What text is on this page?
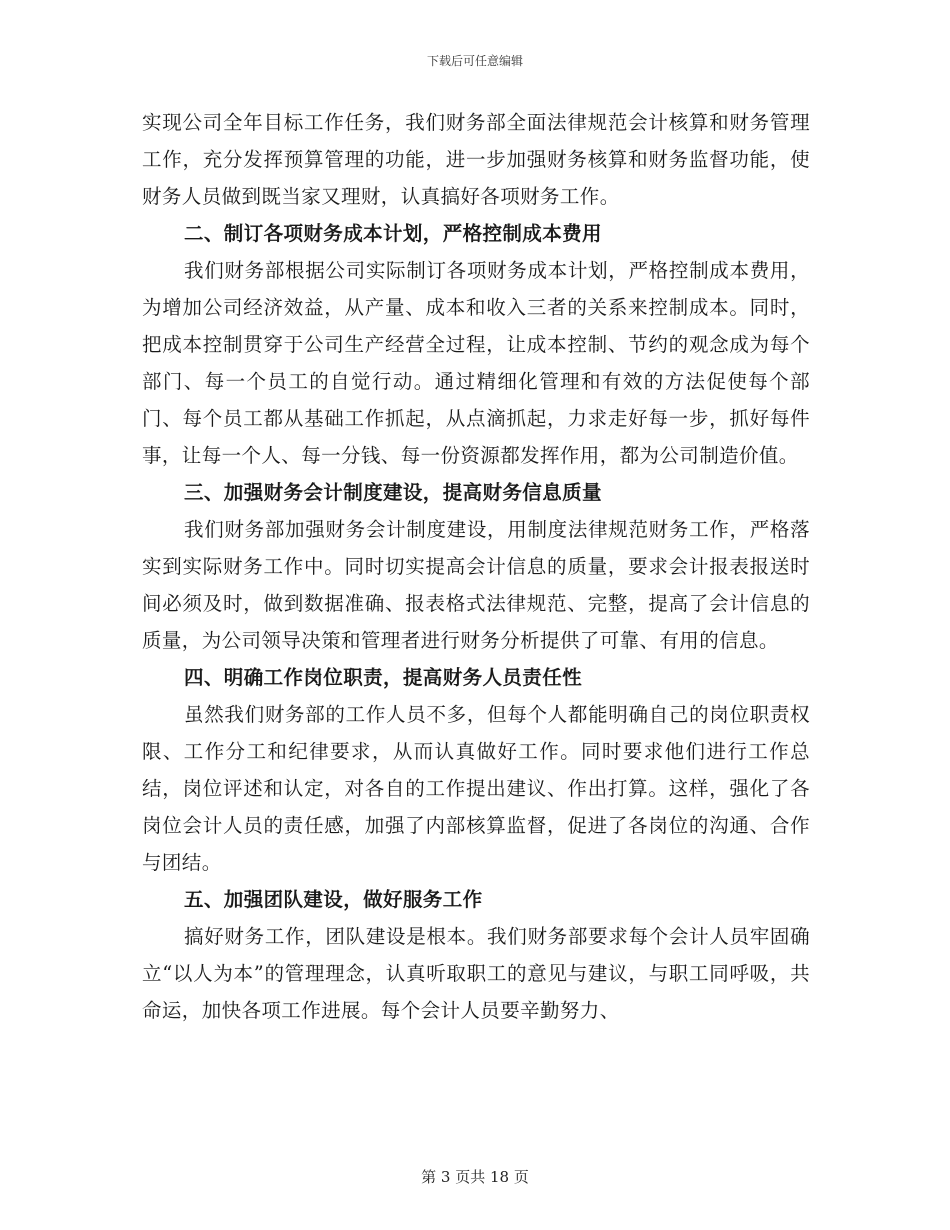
下载后可任意编辑

实现公司全年目标工作任务，我们财务部全面法律规范会计核算和财务管理工作，充分发挥预算管理的功能，进一步加强财务核算和财务监督功能，使财务人员做到既当家又理财，认真搞好各项财务工作。

二、制订各项财务成本计划，严格控制成本费用

我们财务部根据公司实际制订各项财务成本计划，严格控制成本费用，为增加公司经济效益，从产量、成本和收入三者的关系来控制成本。同时，把成本控制贯穿于公司生产经营全过程，让成本控制、节约的观念成为每个部门、每一个员工的自觉行动。通过精细化管理和有效的方法促使每个部门、每个员工都从基础工作抓起，从点滴抓起，力求走好每一步，抓好每件事，让每一个人、每一分钱、每一份资源都发挥作用，都为公司制造价值。

三、加强财务会计制度建设，提高财务信息质量

我们财务部加强财务会计制度建设，用制度法律规范财务工作，严格落实到实际财务工作中。同时切实提高会计信息的质量，要求会计报表报送时间必须及时，做到数据准确、报表格式法律规范、完整，提高了会计信息的质量，为公司领导决策和管理者进行财务分析提供了可靠、有用的信息。

四、明确工作岗位职责，提高财务人员责任性

虽然我们财务部的工作人员不多，但每个人都能明确自己的岗位职责权限、工作分工和纪律要求，从而认真做好工作。同时要求他们进行工作总结，岗位评述和认定，对各自的工作提出建议、作出打算。这样，强化了各岗位会计人员的责任感，加强了内部核算监督，促进了各岗位的沟通、合作与团结。

五、加强团队建设，做好服务工作

搞好财务工作，团队建设是根本。我们财务部要求每个会计人员牢固确立“以人为本”的管理理念，认真听取职工的意见与建议，与职工同呼吸，共命运，加快各项工作进展。每个会计人员要辛勤努力、

第 3 页共 18 页
